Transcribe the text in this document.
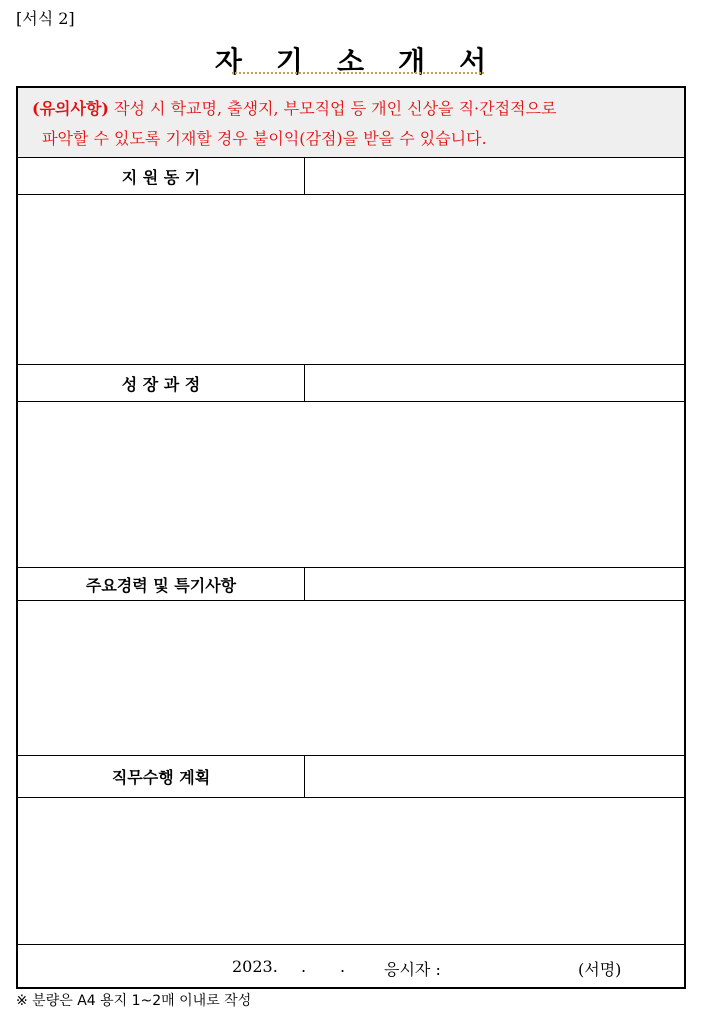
[서식 2]
자기소개서
(유의사항) 작성 시 학교명, 출생지, 부모직업 등 개인 신상을 직·간접적으로
파악할 수 있도록 기재할 경우 불이익(감점)을 받을 수 있습니다.
지 원 동 기
성 장 과 정
주요경력 및 특기사항
직무수행 계획
2023. . . 응시자 :	(서명)
※ 분량은 A4 용지 1~2매 이내로 작성
